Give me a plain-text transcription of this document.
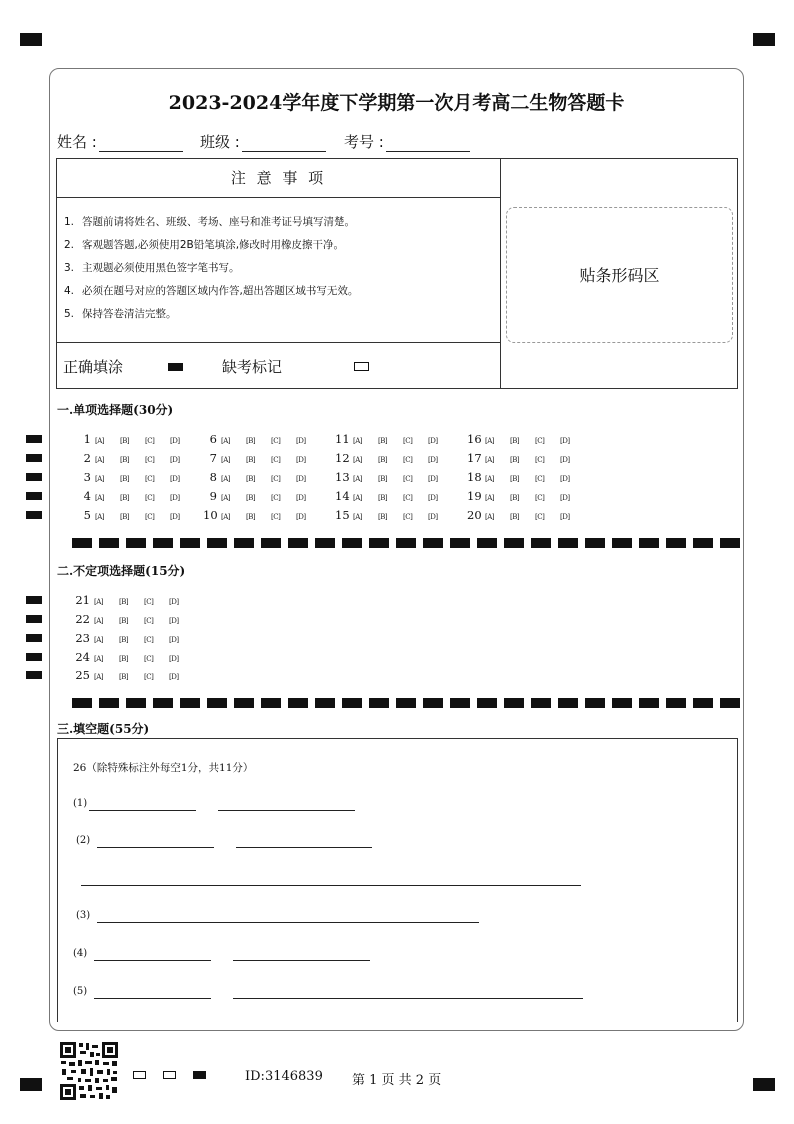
2023-2024学年度下学期第一次月考高二生物答题卡
姓名 :	班级 :	考号 :
注 意 事 项
1. 答题前请将姓名、班级、考场、座号和准考证号填写清楚。
2. 客观题答题,必须使用2B铅笔填涂,修改时用橡皮擦干净。
3. 主观题必须使用黑色签字笔书写。
4. 必须在题号对应的答题区域内作答,超出答题区域书写无效。
5. 保持答卷清洁完整。
正确填涂	缺考标记
贴条形码区
一.单项选择题(30分)
1 [A] [B] [C] [D]
2 [A] [B] [C] [D]
3 [A] [B] [C] [D]
4 [A] [B] [C] [D]
5 [A] [B] [C] [D]
6 [A] [B] [C] [D]
7 [A] [B] [C] [D]
8 [A] [B] [C] [D]
9 [A] [B] [C] [D]
10 [A] [B] [C] [D]
11 [A] [B] [C] [D]
12 [A] [B] [C] [D]
13 [A] [B] [C] [D]
14 [A] [B] [C] [D]
15 [A] [B] [C] [D]
16 [A] [B] [C] [D]
17 [A] [B] [C] [D]
18 [A] [B] [C] [D]
19 [A] [B] [C] [D]
20 [A] [B] [C] [D]
二.不定项选择题(15分)
21 [A] [B] [C] [D]
22 [A] [B] [C] [D]
23 [A] [B] [C] [D]
24 [A] [B] [C] [D]
25 [A] [B] [C] [D]
三.填空题(55分)
26（除特殊标注外每空1分，共11分）
(1)
(2)
(3)
(4)
(5)
ID:3146839 第 1 页 共 2 页
